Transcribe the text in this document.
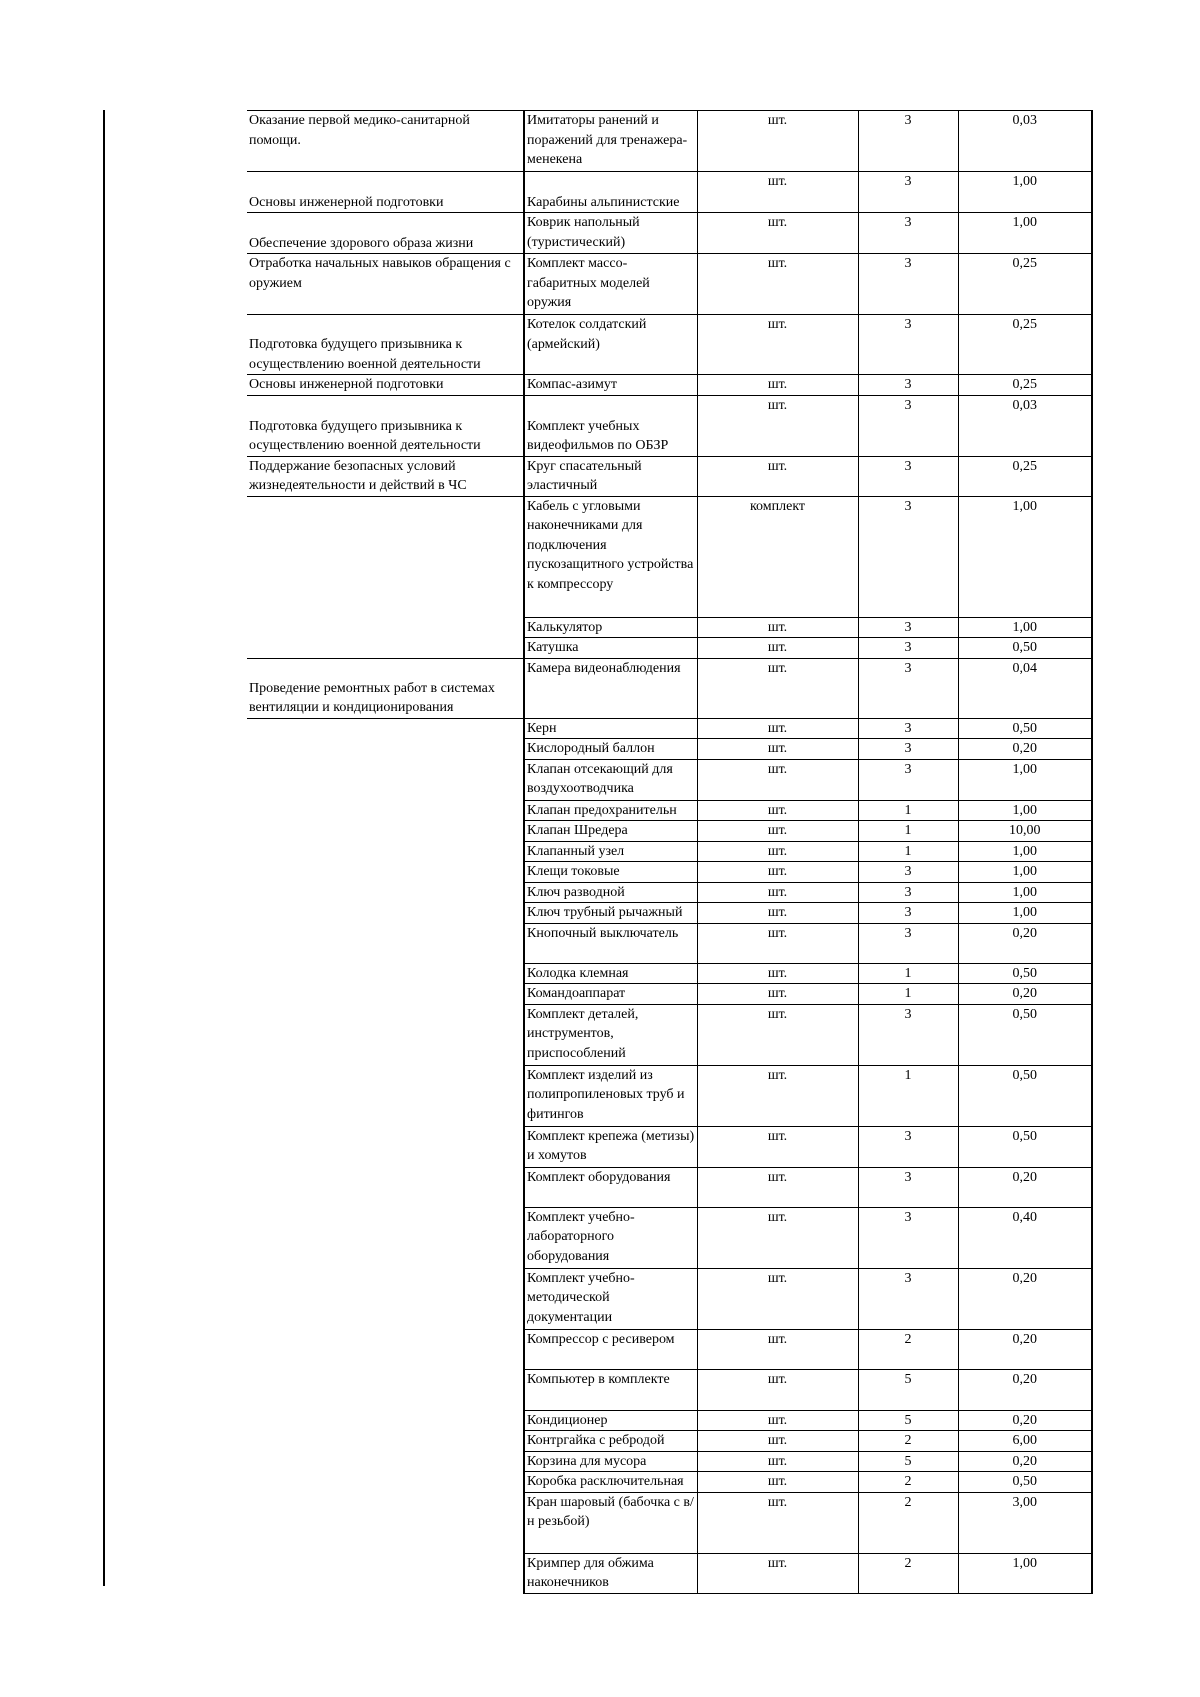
Оказание первой медико-санитарной помощи.	Имитаторы ранений и поражений для тренажера-менекена	шт.	3	0,03
Основы инженерной подготовки	Карабины альпинистские	шт.	3	1,00
Обеспечение здорового образа жизни	Коврик напольный (туристический)	шт.	3	1,00
Отработка начальных навыков обращения с оружием	Комплект массо-габаритных моделей оружия	шт.	3	0,25
Подготовка будущего призывника к осуществлению военной деятельности	Котелок солдатский (армейский)	шт.	3	0,25
Основы инженерной подготовки	Компас-азимут	шт.	3	0,25
Подготовка будущего призывника к осуществлению военной деятельности	Комплект учебных видеофильмов по ОБЗР	шт.	3	0,03
Поддержание безопасных условий жизнедеятельности и действий в ЧС	Круг спасательный эластичный	шт.	3	0,25
	Кабель с угловыми наконечниками для подключения пускозащитного устройства к компрессору	комплект	3	1,00
	Калькулятор	шт.	3	1,00
	Катушка	шт.	3	0,50
Проведение ремонтных работ в системах вентиляции и кондиционирования	Камера видеонаблюдения	шт.	3	0,04
	Керн	шт.	3	0,50
	Кислородный баллон	шт.	3	0,20
	Клапан отсекающий для воздухоотводчика	шт.	3	1,00
	Клапан предохранительн	шт.	1	1,00
	Клапан Шредера	шт.	1	10,00
	Клапанный узел	шт.	1	1,00
	Клещи токовые	шт.	3	1,00
	Ключ разводной	шт.	3	1,00
	Ключ трубный рычажный	шт.	3	1,00
	Кнопочный выключатель	шт.	3	0,20
	Колодка клемная	шт.	1	0,50
	Командоаппарат	шт.	1	0,20
	Комплект деталей, инструментов, приспособлений	шт.	3	0,50
	Комплект изделий из полипропиленовых труб и фитингов	шт.	1	0,50
	Комплект крепежа (метизы) и хомутов	шт.	3	0,50
	Комплект оборудования	шт.	3	0,20
	Комплект учебно-лабораторного оборудования	шт.	3	0,40
	Комплект учебно-методической документации	шт.	3	0,20
	Компрессор с ресивером	шт.	2	0,20
	Компьютер в комплекте	шт.	5	0,20
	Кондиционер	шт.	5	0,20
	Контргайка с ребродой	шт.	2	6,00
	Корзина для мусора	шт.	5	0,20
	Коробка расключительная	шт.	2	0,50
	Кран шаровый (бабочка с в/н резьбой)	шт.	2	3,00
	Кримпер для обжима наконечников	шт.	2	1,00
